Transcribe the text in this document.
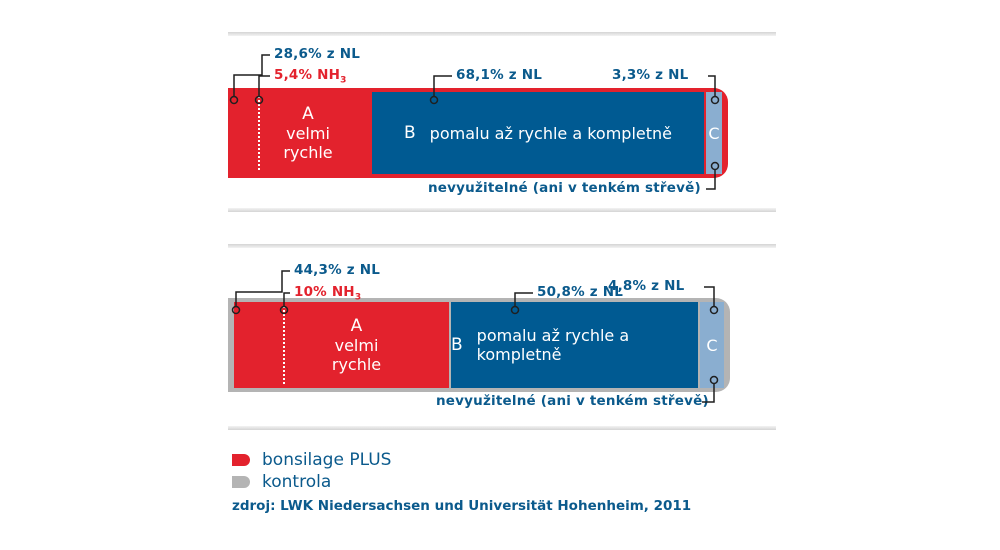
A
velmi
rychle
B pomalu až rychle a kompletně C
28,6% z NL
5,4% $NH_3$	68,1% z NL	3,3% z NL
nevyužitelné (ani v tenkém střevě)
A
velmi
rychle
B pomalu až rychle a kompletně	C
44,3% z NL
10% $NH_3$	50,8% z NL
4,8% z NL
nevyužitelné (ani v tenkém střevě)
bonsilage PLUS
kontrola
zdroj: LWK Niedersachsen und Universität Hohenheim, 2011
